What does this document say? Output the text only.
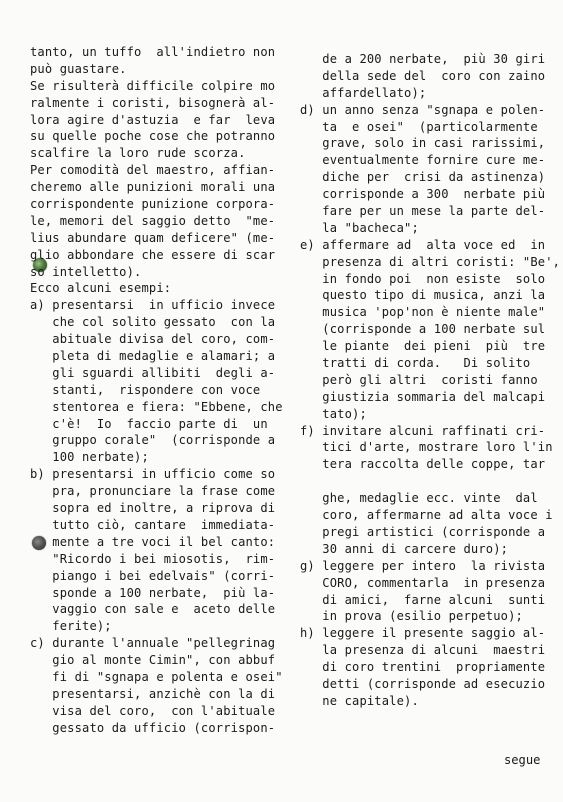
tanto, un tuffo  all'indietro non
può guastare.
Se risulterà difficile colpire mo
ralmente i coristi, bisognerà al-
lora agire d'astuzia  e far  leva
su quelle poche cose che potranno
scalfire la loro rude scorza.
Per comodità del maestro, affian-
cheremo alle punizioni morali una
corrispondente punizione corpora-
le, memori del saggio detto  "me-
lius abundare quam deficere" (me-
glio abbondare che essere di scar
so intelletto).
Ecco alcuni esempi:
a) presentarsi  in ufficio invece
che col solito gessato  con la
abituale divisa del coro, com-
pleta di medaglie e alamari; a
gli sguardi allibiti  degli a-
stanti,  rispondere con voce
stentorea e fiera: "Ebbene, che
c'è!  Io  faccio parte di  un
gruppo corale"  (corrisponde a
100 nerbate);
b) presentarsi in ufficio come so
pra, pronunciare la frase come
sopra ed inoltre, a riprova di
tutto ciò, cantare  immediata-
mente a tre voci il bel canto:
"Ricordo i bei miosotis,  rim-
piango i bei edelvais" (corri-
sponde a 100 nerbate,  più la-
vaggio con sale e  aceto delle
ferite);
c) durante l'annuale "pellegrinag
gio al monte Cimin", con abbuf
fi di "sgnapa e polenta e osei"
presentarsi, anzichè con la di
visa del coro,  con l'abituale
gessato da ufficio (corrispon-
de a 200 nerbate,  più 30 giri
della sede del  coro con zaino
affardellato);
d) un anno senza "sgnapa e polen-
ta  e osei"  (particolarmente
grave, solo in casi rarissimi,
eventualmente fornire cure me-
diche per  crisi da astinenza)
corrisponde a 300  nerbate più
fare per un mese la parte del-
la "bacheca";
e) affermare ad  alta voce ed  in
presenza di altri coristi: "Be',
in fondo poi  non esiste  solo
questo tipo di musica, anzi la
musica 'pop'non è niente male"
(corrisponde a 100 nerbate sul
le piante  dei pieni  più  tre
tratti di corda.   Di solito
però gli altri  coristi fanno
giustizia sommaria del malcapi
tato);
f) invitare alcuni raffinati cri-
tici d'arte, mostrare loro l'in
tera raccolta delle coppe, tar
ghe, medaglie ecc. vinte  dal
coro, affermarne ad alta voce i
pregi artistici (corrisponde a
30 anni di carcere duro);
g) leggere per intero  la rivista
CORO, commentarla  in presenza
di amici,  farne alcuni  sunti
in prova (esilio perpetuo);
h) leggere il presente saggio al-
la presenza di alcuni  maestri
di coro trentini  propriamente
detti (corrisponde ad esecuzio
ne capitale).
segue
